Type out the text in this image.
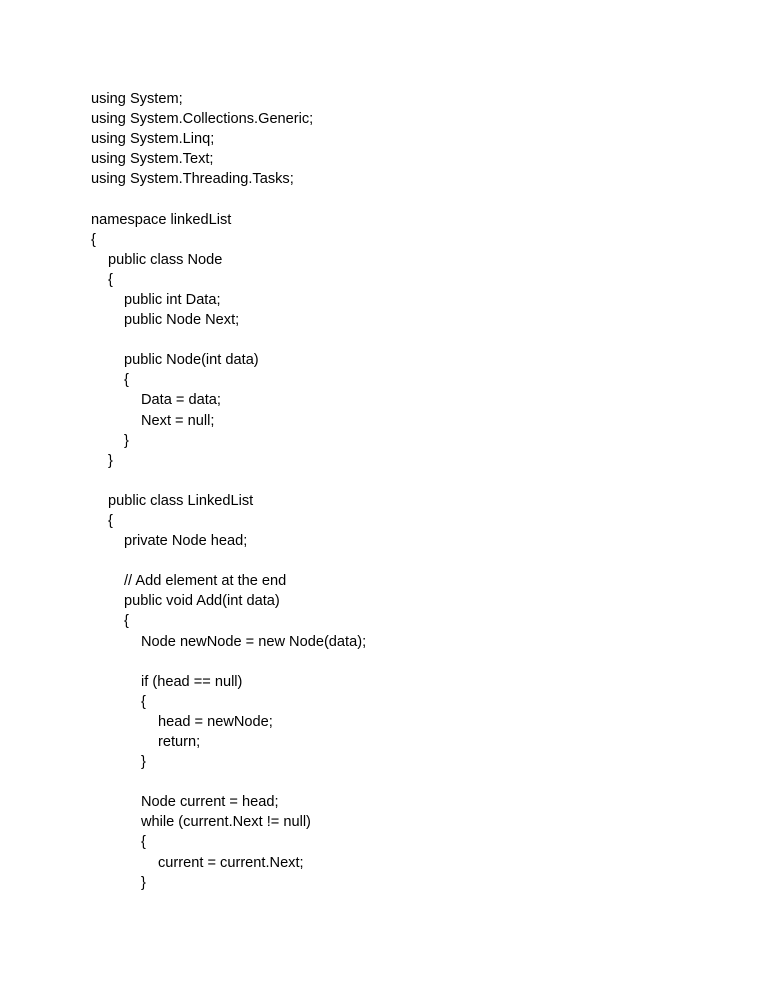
using System;
using System.Collections.Generic;
using System.Linq;
using System.Text;
using System.Threading.Tasks;
namespace linkedList
{
public class Node
{
public int Data;
public Node Next;
public Node(int data)
{
Data = data;
Next = null;
}
}
public class LinkedList
{
private Node head;
// Add element at the end
public void Add(int data)
{
Node newNode = new Node(data);
if (head == null)
{
head = newNode;
return;
}
Node current = head;
while (current.Next != null)
{
current = current.Next;
}
